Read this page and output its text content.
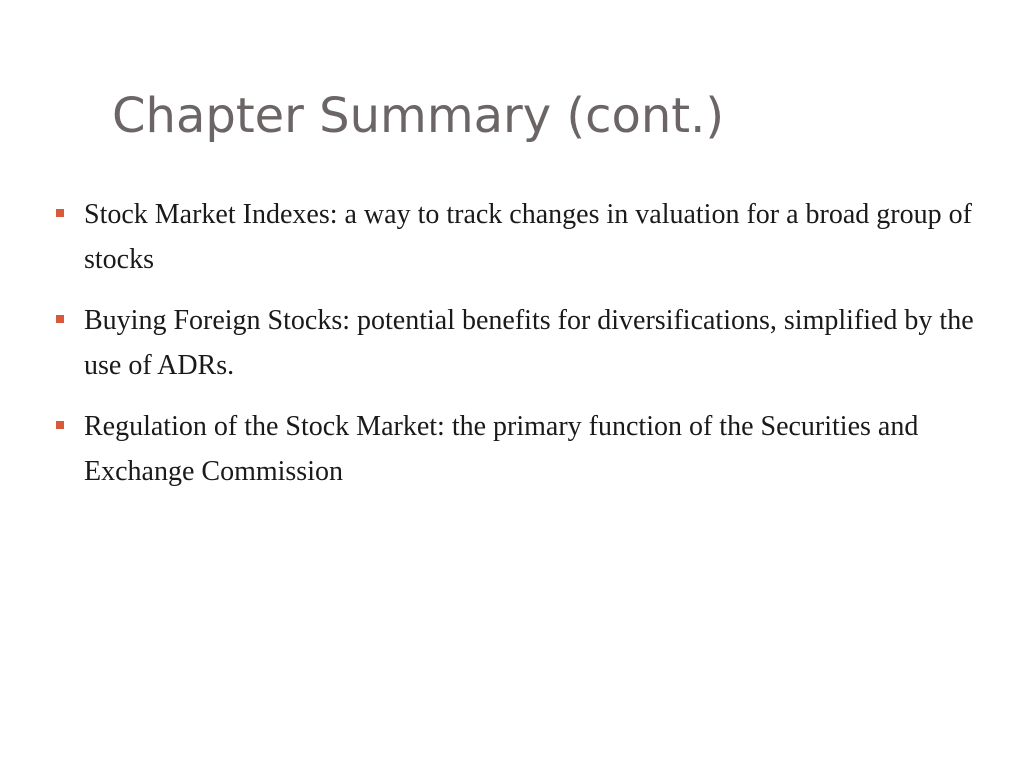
Chapter Summary (cont.)
Stock Market Indexes: a way to track changes in valuation for a broad group of stocks
Buying Foreign Stocks: potential benefits for diversifications, simplified by the use of ADRs.
Regulation of the Stock Market: the primary function of the Securities and Exchange Commission
